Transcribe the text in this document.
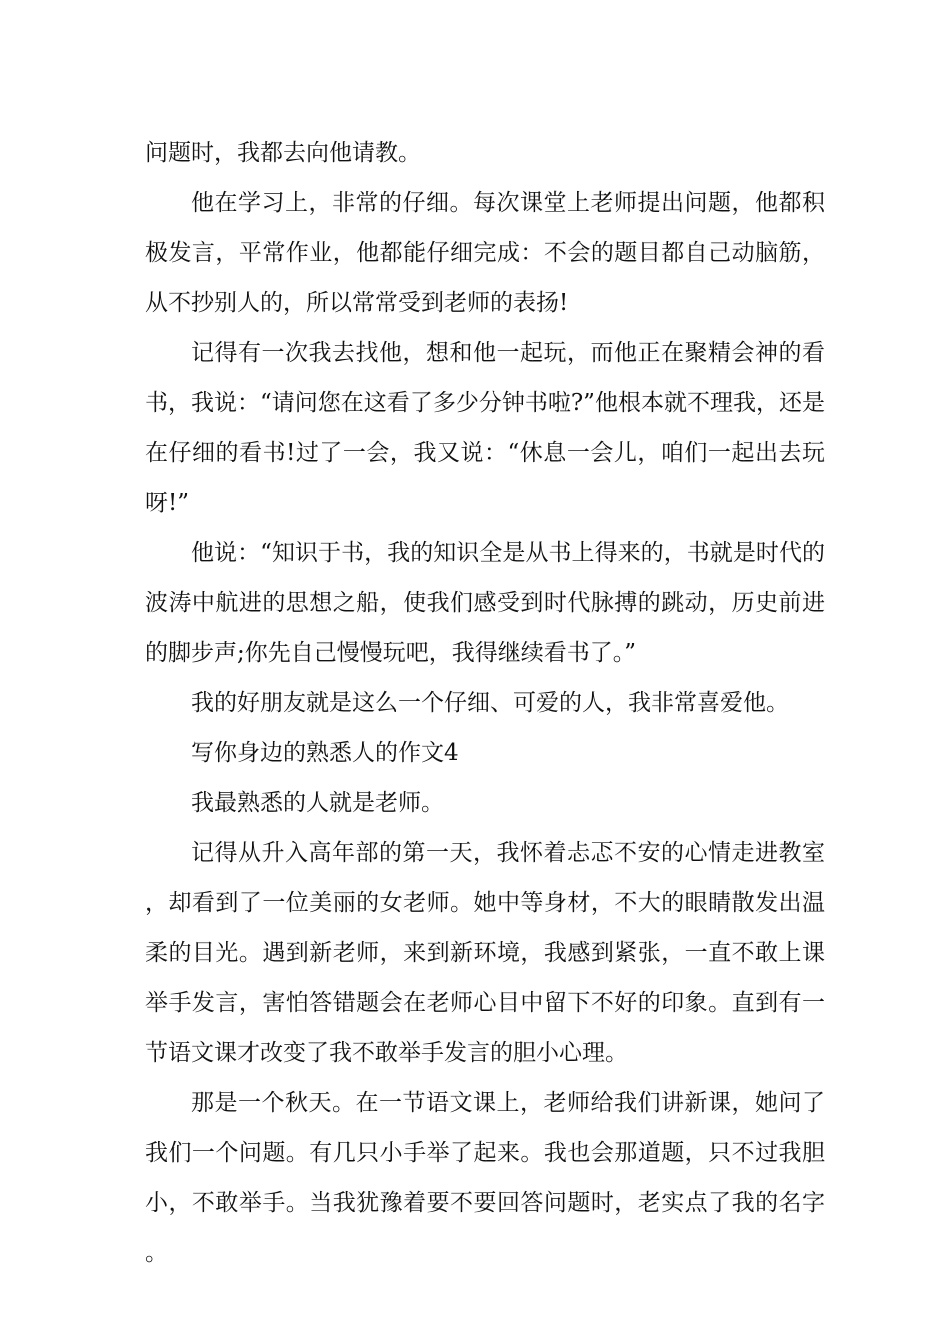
问题时，我都去向他请教。

他在学习上，非常的仔细。每次课堂上老师提出问题，他都积极发言，平常作业，他都能仔细完成：不会的题目都自己动脑筋，从不抄别人的，所以常常受到老师的表扬!

记得有一次我去找他，想和他一起玩，而他正在聚精会神的看书，我说：“请问您在这看了多少分钟书啦?”他根本就不理我，还是在仔细的看书!过了一会，我又说：“休息一会儿，咱们一起出去玩呀!”

他说：“知识于书，我的知识全是从书上得来的，书就是时代的波涛中航进的思想之船，使我们感受到时代脉搏的跳动，历史前进的脚步声;你先自己慢慢玩吧，我得继续看书了。”

我的好朋友就是这么一个仔细、可爱的人，我非常喜爱他。

写你身边的熟悉人的作文4

我最熟悉的人就是老师。

记得从升入高年部的第一天，我怀着忐忑不安的心情走进教室，却看到了一位美丽的女老师。她中等身材，不大的眼睛散发出温柔的目光。遇到新老师，来到新环境，我感到紧张，一直不敢上课举手发言，害怕答错题会在老师心目中留下不好的印象。直到有一节语文课才改变了我不敢举手发言的胆小心理。

那是一个秋天。在一节语文课上，老师给我们讲新课，她问了我们一个问题。有几只小手举了起来。我也会那道题，只不过我胆小，不敢举手。当我犹豫着要不要回答问题时，老实点了我的名字。
